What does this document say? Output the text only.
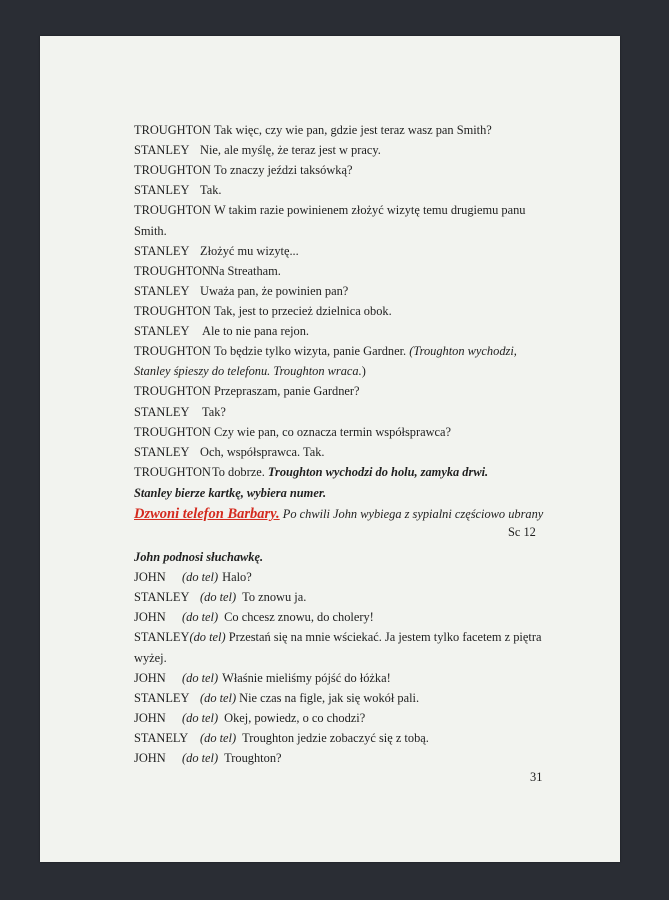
TROUGHTON Tak więc, czy wie pan, gdzie jest teraz wasz pan Smith?
STANLEY Nie, ale myślę, że teraz jest w pracy.
TROUGHTON To znaczy jeździ taksówką?
STANLEY Tak.
TROUGHTON W takim razie powinienem złożyć wizytę temu drugiemu panu
Smith.
STANLEY Złożyć mu wizytę...
TROUGHTONNa Streatham.
STANLEY Uważa pan, że powinien pan?
TROUGHTON Tak, jest to przecież dzielnica obok.
STANLEY Ale to nie pana rejon.
TROUGHTON To będzie tylko wizyta, panie Gardner. (Troughton wychodzi,
Stanley śpieszy do telefonu. Troughton wraca.)
TROUGHTON Przepraszam, panie Gardner?
STANLEY Tak?
TROUGHTON Czy wie pan, co oznacza termin współsprawca?
STANLEY Och, współsprawca. Tak.
TROUGHTONTo dobrze. Troughton wychodzi do holu, zamyka drwi.
Stanley bierze kartkę, wybiera numer.
Dzwoni telefon Barbary. Po chwili John wybiega z sypialni częściowo ubrany
Sc 12
John podnosi słuchawkę.
JOHN (do tel) Halo?
STANLEY (do tel) To znowu ja.
JOHN (do tel) Co chcesz znowu, do cholery!
STANLEY(do tel) Przestań się na mnie wściekać. Ja jestem tylko facetem z piętra
wyżej.
JOHN (do tel) Właśnie mieliśmy pójść do łóżka!
STANLEY (do tel) Nie czas na figle, jak się wokół pali.
JOHN (do tel) Okej, powiedz, o co chodzi?
STANELY (do tel) Troughton jedzie zobaczyć się z tobą.
JOHN (do tel) Troughton?
31
